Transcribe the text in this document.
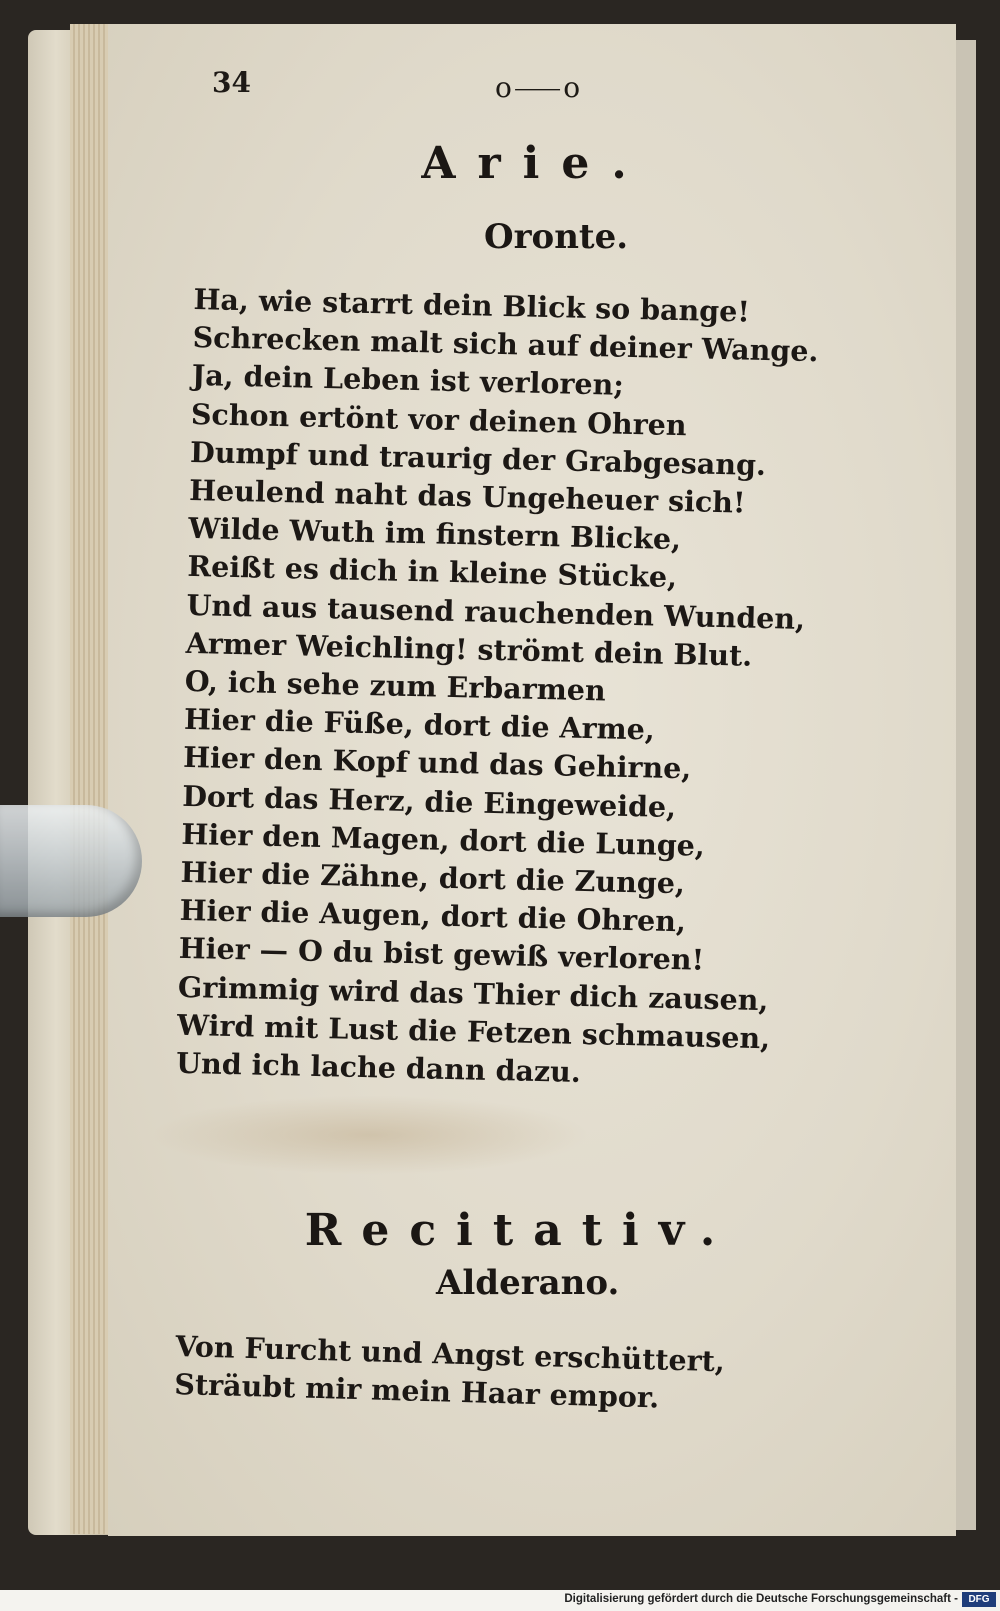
34	o⸺o
Arie.
Oronte.
Ha, wie starrt dein Blick so bange!
Schrecken malt sich auf deiner Wange.
Ja, dein Leben ist verloren;
Schon ertönt vor deinen Ohren
Dumpf und traurig der Grabgesang.
Heulend naht das Ungeheuer sich!
Wilde Wuth im finstern Blicke,
Reißt es dich in kleine Stücke,
Und aus tausend rauchenden Wunden,
Armer Weichling! strömt dein Blut.
O, ich sehe zum Erbarmen
Hier die Füße, dort die Arme,
Hier den Kopf und das Gehirne,
Dort das Herz, die Eingeweide,
Hier den Magen, dort die Lunge,
Hier die Zähne, dort die Zunge,
Hier die Augen, dort die Ohren,
Hier — O du bist gewiß verloren!
Grimmig wird das Thier dich zausen,
Wird mit Lust die Fetzen schmausen,
Und ich lache dann dazu.
Recitativ.
Alderano.
Von Furcht und Angst erschüttert,
Sträubt mir mein Haar empor.
Digitalisierung gefördert durch die Deutsche Forschungsgemeinschaft -	DFG
